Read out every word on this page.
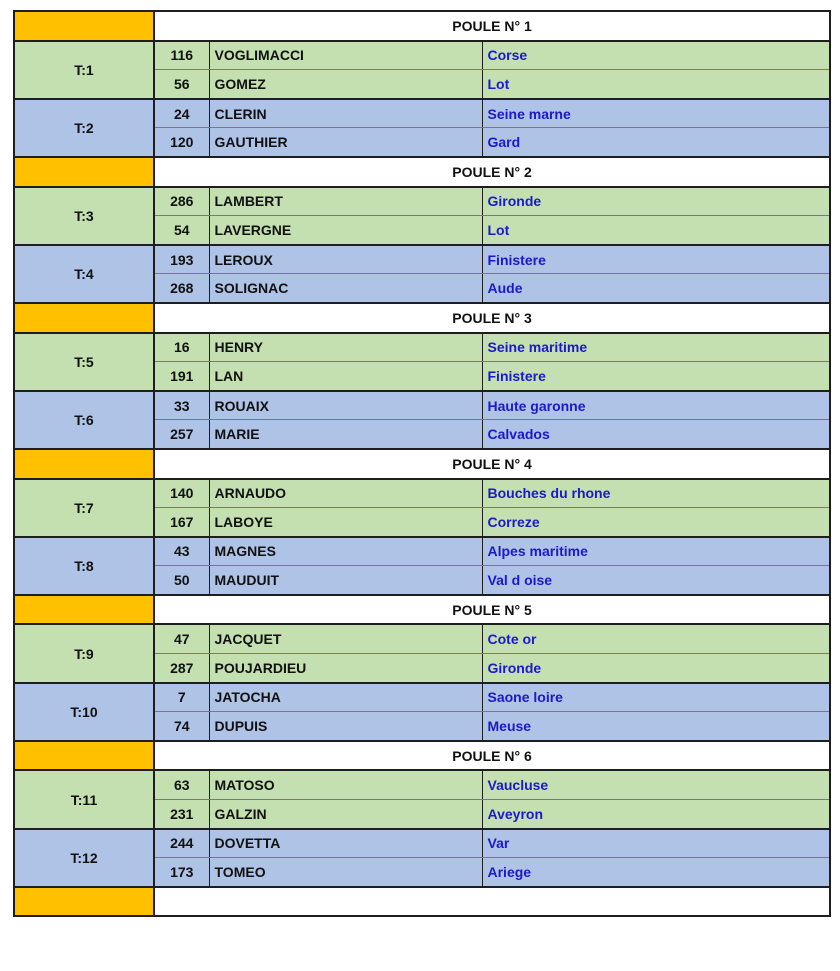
	POULE N° 1		
T:1	116	VOGLIMACCI	Corse
	56	GOMEZ	Lot
T:2	24	CLERIN	Seine marne
	120	GAUTHIER	Gard
	POULE N° 2		
T:3	286	LAMBERT	Gironde
	54	LAVERGNE	Lot
T:4	193	LEROUX	Finistere
	268	SOLIGNAC	Aude
	POULE N° 3		
T:5	16	HENRY	Seine maritime
	191	LAN	Finistere
T:6	33	ROUAIX	Haute garonne
	257	MARIE	Calvados
	POULE N° 4		
T:7	140	ARNAUDO	Bouches du rhone
	167	LABOYE	Correze
T:8	43	MAGNES	Alpes maritime
	50	MAUDUIT	Val d oise
	POULE N° 5		
T:9	47	JACQUET	Cote or
	287	POUJARDIEU	Gironde
T:10	7	JATOCHA	Saone loire
	74	DUPUIS	Meuse
	POULE N° 6		
T:11	63	MATOSO	Vaucluse
	231	GALZIN	Aveyron
T:12	244	DOVETTA	Var
	173	TOMEO	Ariege
